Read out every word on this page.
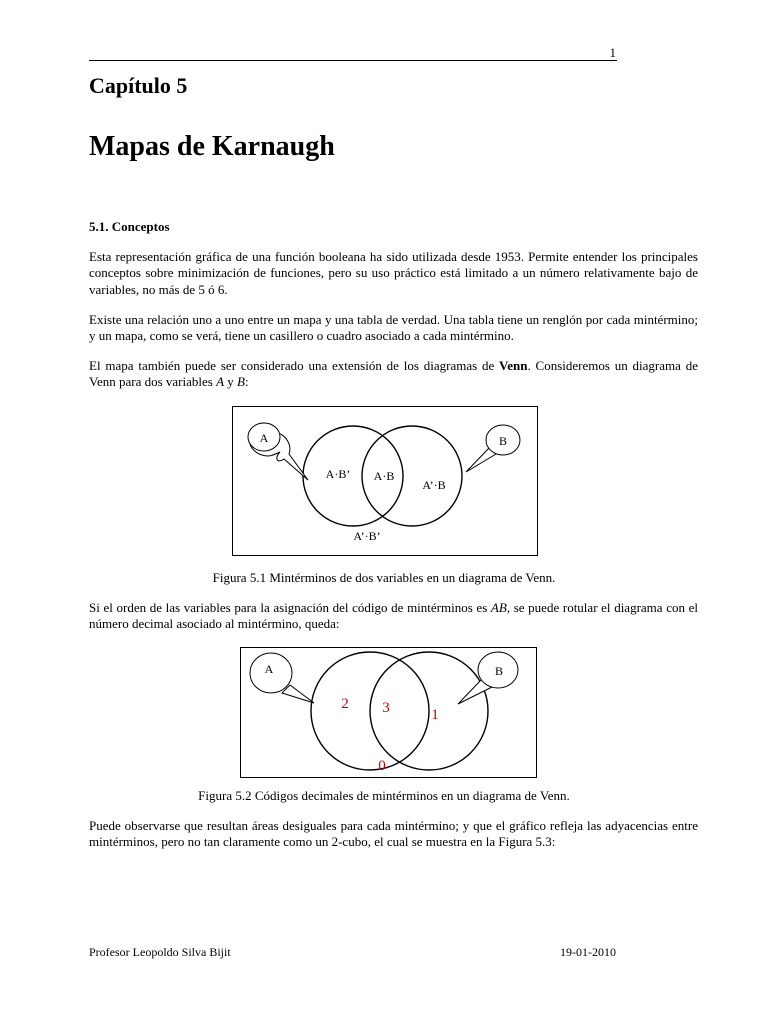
1
Capítulo 5
Mapas de Karnaugh
5.1. Conceptos

Esta representación gráfica de una función booleana ha sido utilizada desde 1953. Permite entender los principales conceptos sobre minimización de funciones, pero su uso práctico está limitado a un número relativamente bajo de variables, no más de 5 ó 6.

Existe una relación uno a uno entre un mapa y una tabla de verdad. Una tabla tiene un renglón por cada mintérmino; y un mapa, como se verá, tiene un casillero o cuadro asociado a cada mintérmino.

El mapa también puede ser considerado una extensión de los diagramas de Venn. Consideremos un diagrama de Venn para dos variables A y B:

A	B
A·B’ A·B
A’·B
A’·B’

Figura 5.1 Mintérminos de dos variables en un diagrama de Venn.

Si el orden de las variables para la asignación del código de mintérminos es AB, se puede rotular el diagrama con el número decimal asociado al mintérmino, queda:

A	B
2 3	1
0

Figura 5.2 Códigos decimales de mintérminos en un diagrama de Venn.

Puede observarse que resultan áreas desiguales para cada mintérmino; y que el gráfico refleja las adyacencias entre mintérminos, pero no tan claramente como un 2-cubo, el cual se muestra en la Figura 5.3:

Profesor Leopoldo Silva Bijit	19-01-2010
